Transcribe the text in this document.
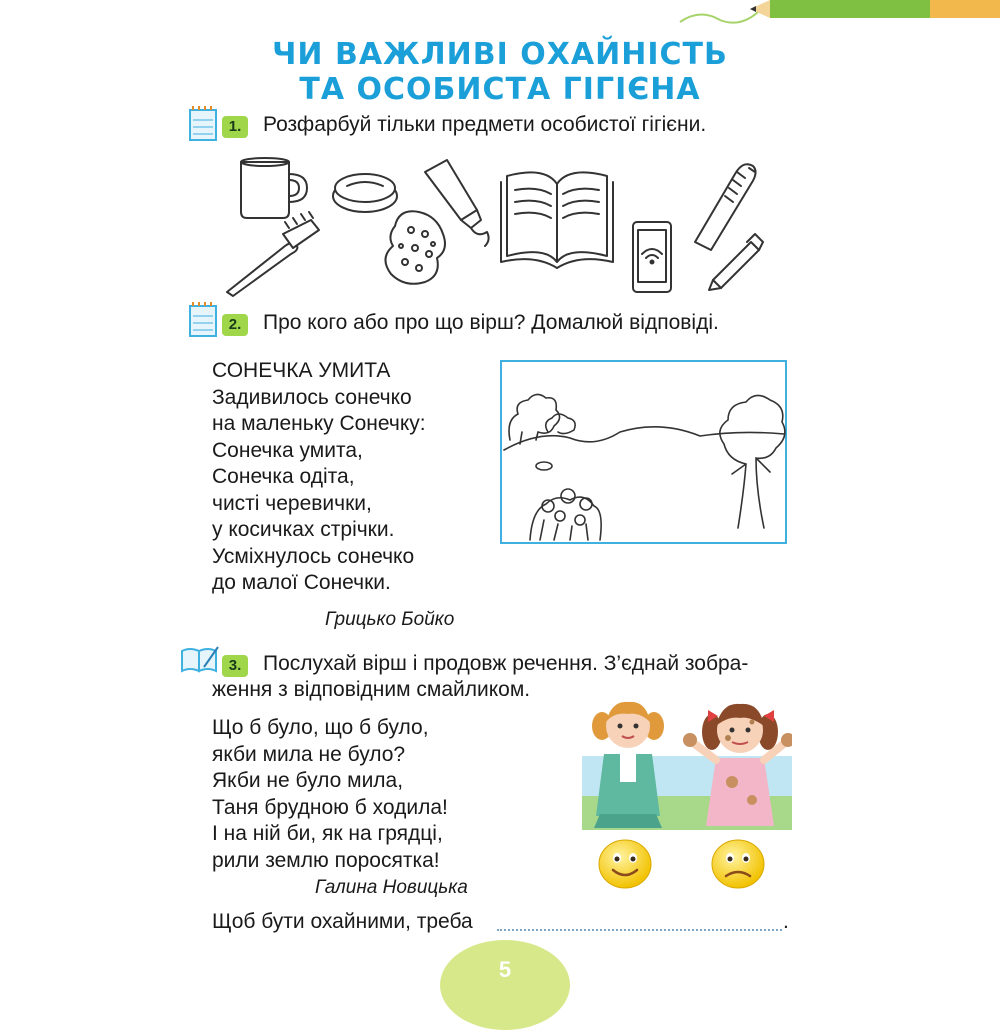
ЧИ ВАЖЛИВІ ОХАЙНІСТЬ
ТА ОСОБИСТА ГІГІЄНА
1.	Розфарбуй тільки предмети особистої гігієни.
2.	Про кого або про що вірш? Домалюй відповіді.
СОНЕЧКА УМИТА
Задивилось сонечко
на маленьку Сонечку:
Сонечка умита,
Сонечка одіта,
чисті черевички,
у косичках стрічки.
Усміхнулось сонечко
до малої Сонечки.
Грицько Бойко
3.	Послухай вірш і продовж речення. З’єднай зобра-
ження з відповідним смайликом.
Що б було, що б було,
якби мила не було?
Якби не було мила,
Таня брудною б ходила!
І на ній би, як на грядці,
рили землю поросятка!
Галина Новицька
Щоб бути охайними, треба	.
5
